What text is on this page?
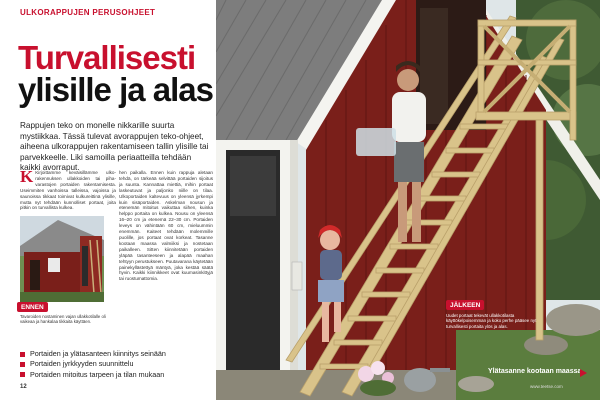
ULKORAPPUJEN PERUSOHJEET
Turvallisesti
ylisille ja alas

Rappujen teko on monelle nikkarille suurta mystiikkaa. Tässä tulevat avorappujen teko-ohjeet, aiheena ulkorappujen rakentamiseen tallin ylisille tai parvekkeelle. Liki samoilla periaatteilla tehdään kaikki avorraput.

K Kirjoittamme keväisillämme ulkorakennuksen ullakkoiden tai pihavarastojen portaiden rakentamisesta. Useimmiten vanhoissa talleissa, vajoissa ja saunoissa tikkaat toimivat kulkureittinä ylisille, mutta nyt tehdään kunnolliset portaat, joita pitkin on turvallista kulkea.
hen paikalla. Ennen kuin rappuja aletaan tehdä, on tärkeää selvittää portaiden sijoitus ja suunta. Kannattaa miettiä, mihin portaat laskeutuvat ja paljonko niille on tilaa. Ulkoportaiden kaltevuus on yleensä jyrkempi kuin sisäportaiden. Askelman nousun ja etenemän mitoitus vaikuttaa siihen, kuinka helppo portaita on kulkea. Nousu on yleensä 16–20 cm ja etenemä 22–30 cm. Portaiden leveys on vähintään 60 cm, mieluummin enemmän. Kaiteet tehdään molemmille puolille, jos portaat ovat korkeat. Tasanne kootaan maassa valmiiksi ja nostetaan paikalleen. Sitten kiinnitetään portaiden yläpää tasanteeseen ja alapää maahan tehtyyn perustukseen. Puutavarana käytetään painekyllästettyä mäntyä, joka kestää säätä hyvin. Kaikki kiinnikkeet ovat kuumasinkittyjä tai ruostumattomia.
ENNEN

Tavaroiden nostaminen vajan ullakkotilalle oli vaikeaa ja hankalaa tikkaita käyttäen.

Portaiden ja ylätasanteen kiinnitys seinään
Portaiden jyrkkyyden suunnittelu
Portaiden mitoitus tarpeen ja tilan mukaan
12
JÄLKEEN

Uudet portaat tekevät ullakkotilasta käyttökelpoisemman ja koko perhe pääsee nyt turvallisesti portaita ylös ja alas.

Ylätasanne kootaan maassa
www.teetse.com
